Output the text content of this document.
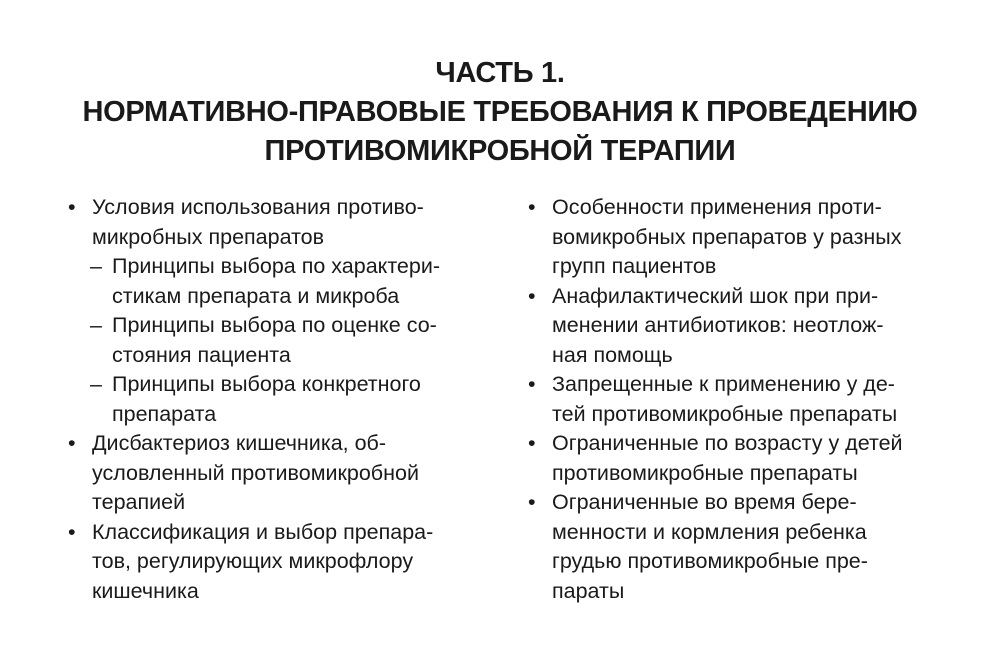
ЧАСТЬ 1.
НОРМАТИВНО-ПРАВОВЫЕ ТРЕБОВАНИЯ К ПРОВЕДЕНИЮ
ПРОТИВОМИКРОБНОЙ ТЕРАПИИ
• Условия использования противо-
микробных препаратов
– Принципы выбора по характери-
стикам препарата и микроба
– Принципы выбора по оценке со-
стояния пациента
– Принципы выбора конкретного
препарата
• Дисбактериоз кишечника, об-
условленный противомикробной
терапией
• Классификация и выбор препара-
тов, регулирующих микрофлору
кишечника
• Особенности применения проти-
вомикробных препаратов у разных
групп пациентов
• Анафилактический шок при при-
менении антибиотиков: неотлож-
ная помощь
• Запрещенные к применению у де-
тей противомикробные препараты
• Ограниченные по возрасту у детей
противомикробные препараты
• Ограниченные во время бере-
менности и кормления ребенка
грудью противомикробные пре-
параты
